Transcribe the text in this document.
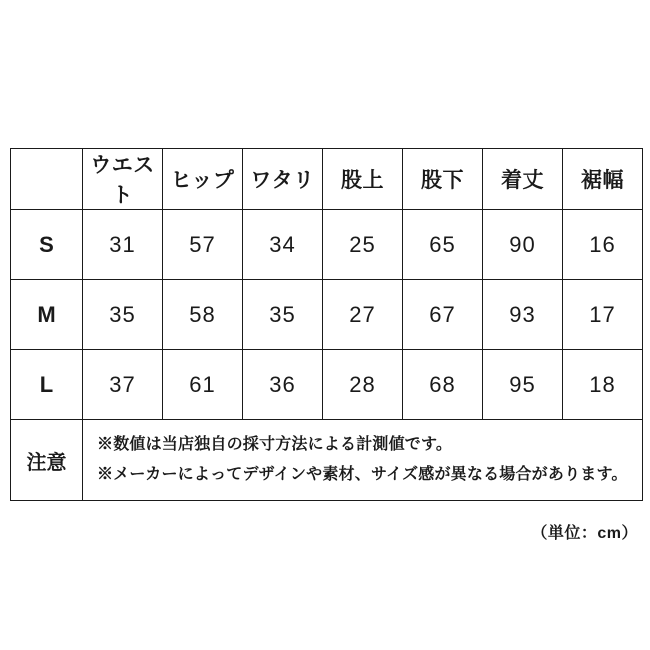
	ウエスト	ヒップ	ワタリ	股上	股下	着丈	裾幅
S	31	57	34	25	65	90	16
M	35	58	35	27	67	93	17
L	37	61	36	28	68	95	18
注意	※数値は当店独自の採寸方法による計測値です。
※メーカーによってデザインや素材、サイズ感が異なる場合があります。						
（単位：cm）
